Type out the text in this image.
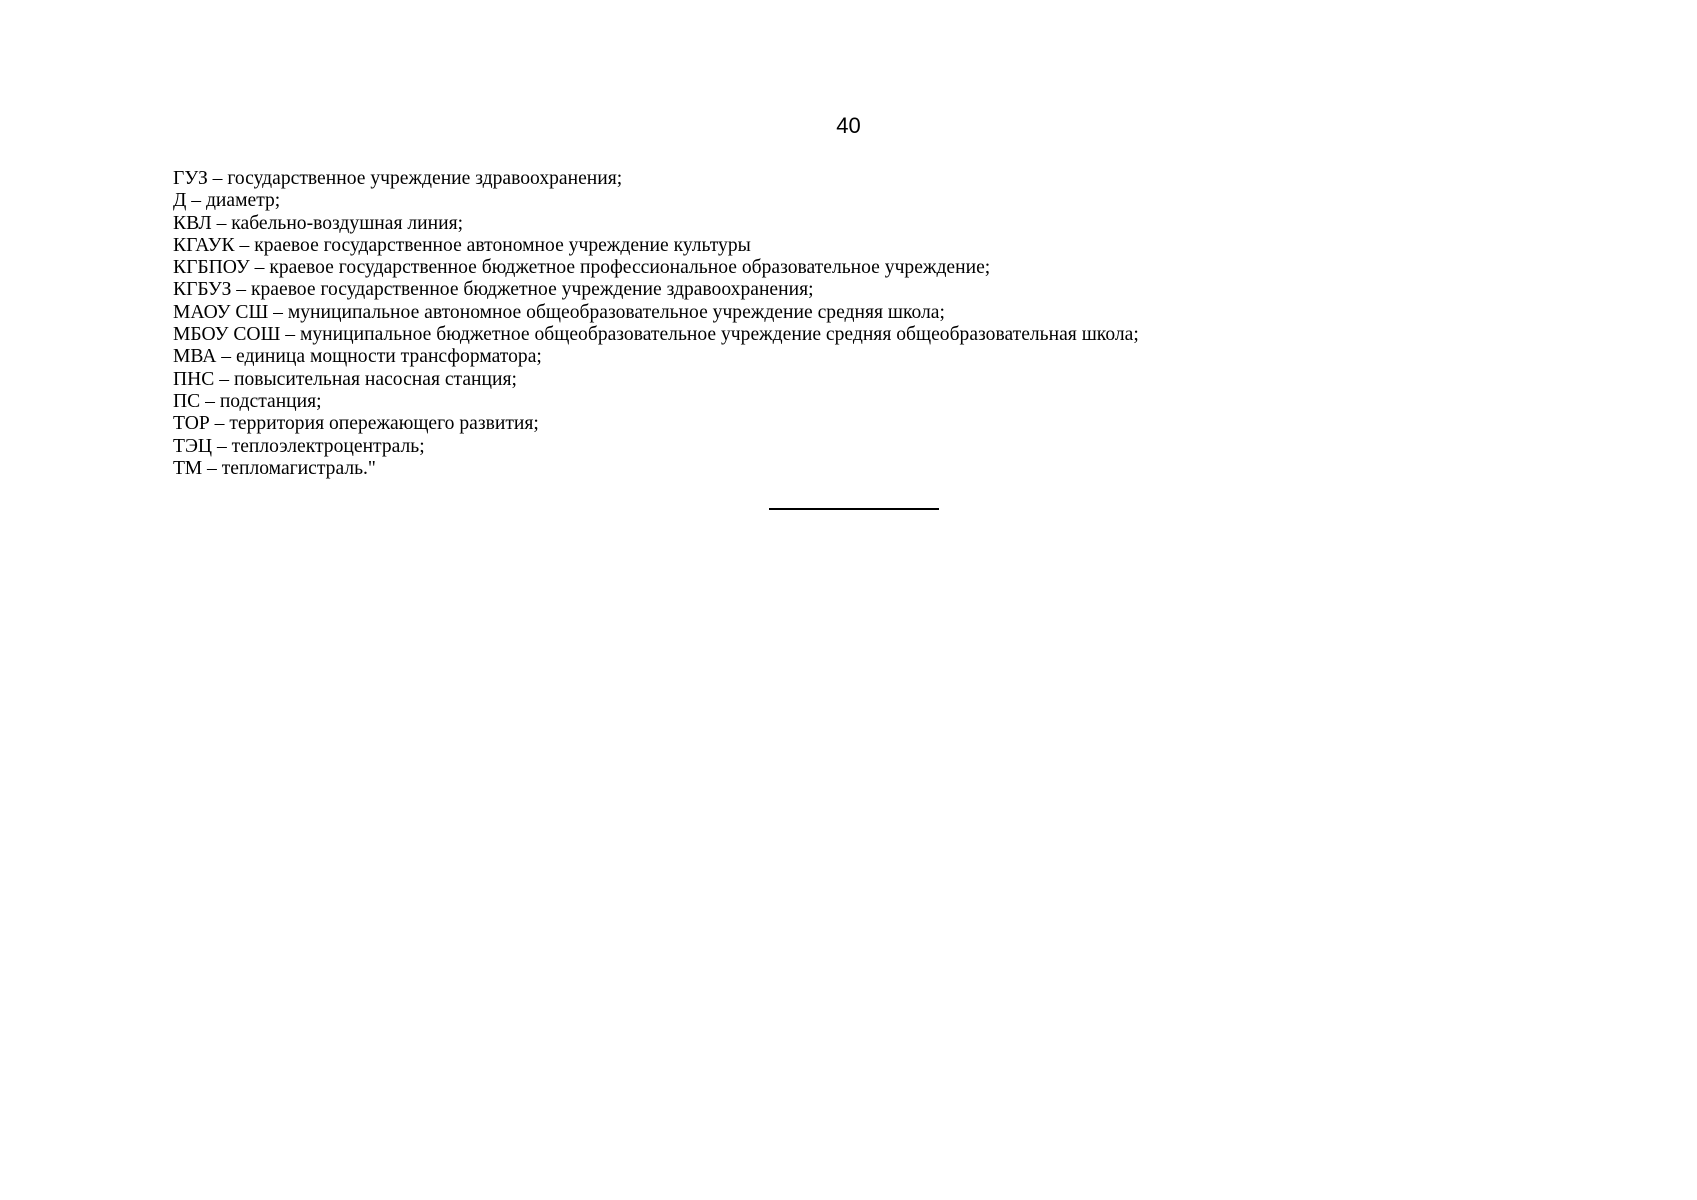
40
ГУЗ – государственное учреждение здравоохранения;
Д – диаметр;
КВЛ – кабельно-воздушная линия;
КГАУК – краевое государственное автономное учреждение культуры
КГБПОУ – краевое государственное бюджетное профессиональное образовательное учреждение;
КГБУЗ – краевое государственное бюджетное учреждение здравоохранения;
МАОУ СШ – муниципальное автономное общеобразовательное учреждение средняя школа;
МБОУ СОШ – муниципальное бюджетное общеобразовательное учреждение средняя общеобразовательная школа;
МВА – единица мощности трансформатора;
ПНС – повысительная насосная станция;
ПС – подстанция;
ТОР – территория опережающего развития;
ТЭЦ – теплоэлектроцентраль;
ТМ – тепломагистраль."
